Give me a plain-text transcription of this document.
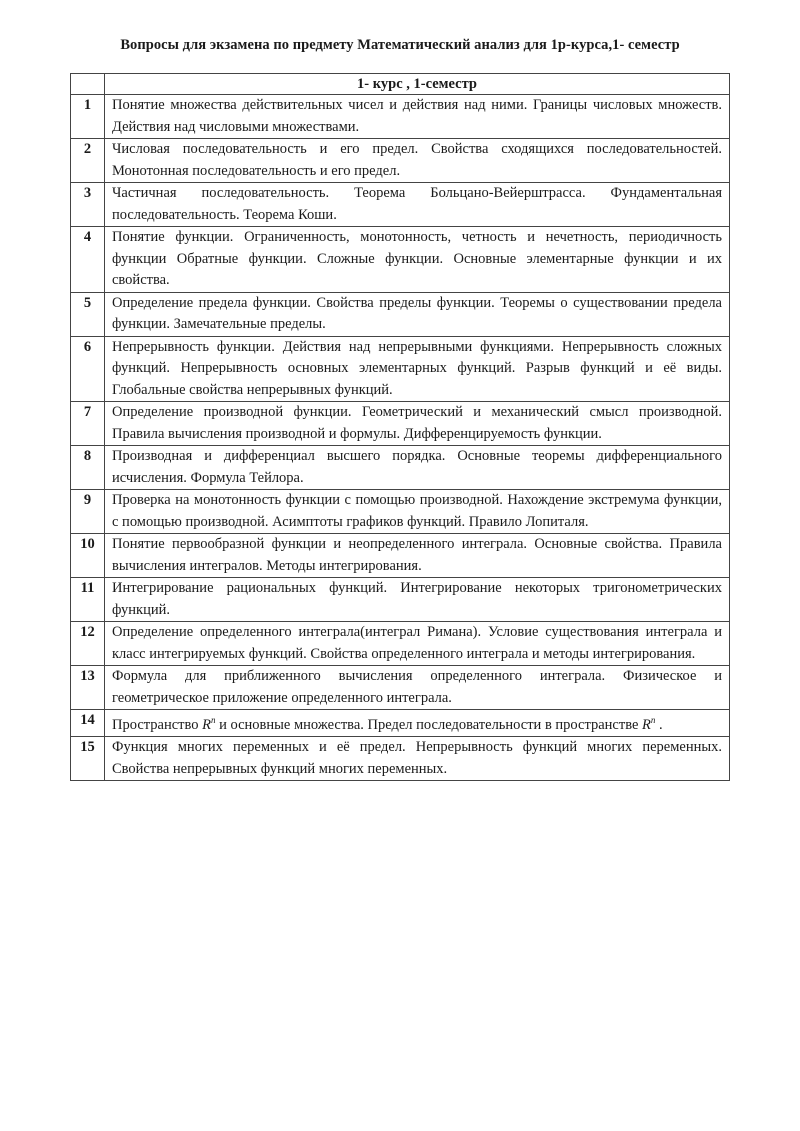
Вопросы для экзамена по предмету Математический анализ для 1р-курса,1- семестр
	1- курс , 1-семестр
1	Понятие множества действительных чисел и действия над ними. Границы числовых множеств. Действия над числовыми множествами.
2	Числовая последовательность и его предел. Свойства сходящихся последовательностей. Монотонная последовательность и его предел.
3	Частичная последовательность. Теорема Больцано-Вейерштрасса. Фундаментальная последовательность. Теорема Коши.
4	Понятие функции. Ограниченность, монотонность, четность и нечетность, периодичность функции Обратные функции. Сложные функции. Основные элементарные функции и их свойства.
5	Определение предела функции. Свойства пределы функции. Теоремы о существовании предела функции. Замечательные пределы.
6	Непрерывность функции. Действия над непрерывными функциями. Непрерывность сложных функций. Непрерывность основных элементарных функций. Разрыв функций и её виды. Глобальные свойства непрерывных функций.
7	Определение производной функции. Геометрический и механический смысл производной. Правила вычисления производной и формулы. Дифференцируемость функции.
8	Производная и дифференциал высшего порядка. Основные теоремы дифференциального исчисления. Формула Тейлора.
9	Проверка на монотонность функции с помощью производной. Нахождение экстремума функции, с помощью производной. Асимптоты графиков функций. Правило Лопиталя.
10	Понятие первообразной функции и неопределенного интеграла. Основные свойства. Правила вычисления интегралов. Методы интегрирования.
11	Интегрирование рациональных функций. Интегрирование некоторых тригонометрических функций.
12	Определение определенного интеграла(интеграл Римана). Условие существования интеграла и класс интегрируемых функций. Свойства определенного интеграла и методы интегрирования.
13	Формула для приближенного вычисления определенного интеграла. Физическое и геометрическое приложение определенного интеграла.
14	Пространство $R^n$ и основные множества. Предел последовательности в пространстве $R^n$ .
15	Функция многих переменных и её предел. Непрерывность функций многих переменных. Свойства непрерывных функций многих переменных.
